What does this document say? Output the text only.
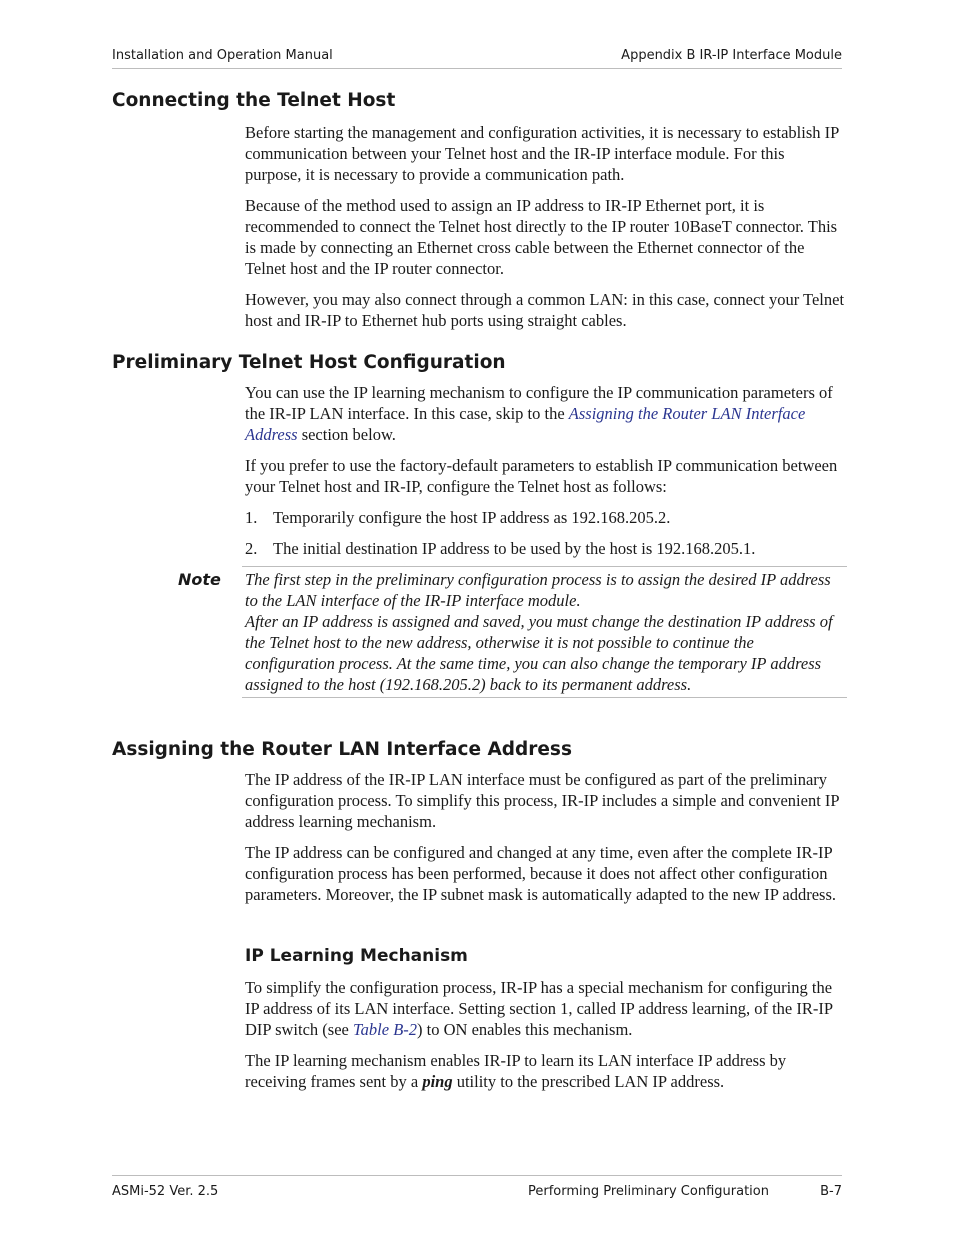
Installation and Operation Manual	Appendix B IR-IP Interface Module
Connecting the Telnet Host

Before starting the management and configuration activities, it is necessary to establish IP communication between your Telnet host and the IR-IP interface module. For this purpose, it is necessary to provide a communication path.

Because of the method used to assign an IP address to IR-IP Ethernet port, it is recommended to connect the Telnet host directly to the IP router 10BaseT connector. This is made by connecting an Ethernet cross cable between the Ethernet connector of the Telnet host and the IP router connector.

However, you may also connect through a common LAN: in this case, connect your Telnet host and IR-IP to Ethernet hub ports using straight cables.

Preliminary Telnet Host Configuration

You can use the IP learning mechanism to configure the IP communication parameters of the IR-IP LAN interface. In this case, skip to the Assigning the Router LAN Interface Address section below.

If you prefer to use the factory-default parameters to establish IP communication between your Telnet host and IR-IP, configure the Telnet host as follows:

1. Temporarily configure the host IP address as 192.168.205.2.
2. The initial destination IP address to be used by the host is 192.168.205.1.
Note The first step in the preliminary configuration process is to assign the desired IP address to the LAN interface of the IR-IP interface module.
After an IP address is assigned and saved, you must change the destination IP address of the Telnet host to the new address, otherwise it is not possible to continue the configuration process. At the same time, you can also change the temporary IP address assigned to the host (192.168.205.2) back to its permanent address.
Assigning the Router LAN Interface Address

The IP address of the IR-IP LAN interface must be configured as part of the preliminary configuration process. To simplify this process, IR-IP includes a simple and convenient IP address learning mechanism.

The IP address can be configured and changed at any time, even after the complete IR-IP configuration process has been performed, because it does not affect other configuration parameters. Moreover, the IP subnet mask is automatically adapted to the new IP address.

IP Learning Mechanism

To simplify the configuration process, IR-IP has a special mechanism for configuring the IP address of its LAN interface. Setting section 1, called IP address learning, of the IR-IP DIP switch (see Table B-2) to ON enables this mechanism.

The IP learning mechanism enables IR-IP to learn its LAN interface IP address by receiving frames sent by a ping utility to the prescribed LAN IP address.

ASMi-52 Ver. 2.5	Performing Preliminary Configuration	B-7
